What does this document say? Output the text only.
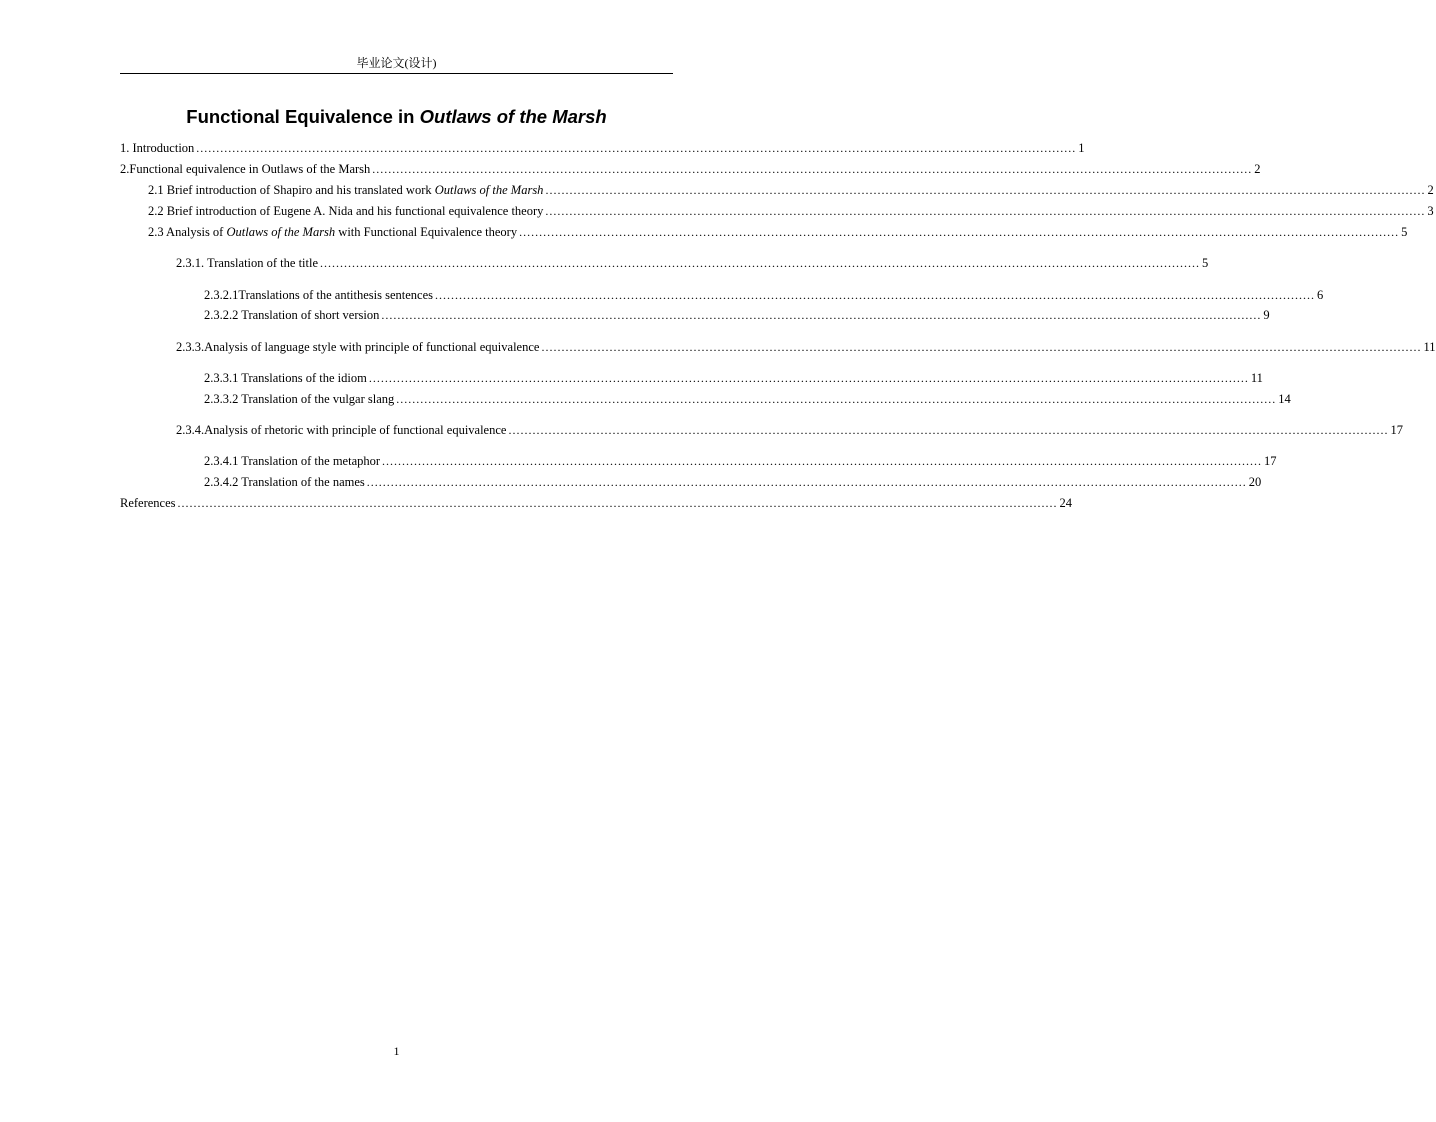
毕业论文(设计)
Functional Equivalence in Outlaws of the Marsh
1. Introduction ............................................................................................................................................................................................................................ 1
2.Functional equivalence in Outlaws of the Marsh ............................................................................................................................................................................................................................ 2
2.1 Brief introduction of Shapiro and his translated work Outlaws of the Marsh ............................................................................................................................................................................................................................ 2
2.2 Brief introduction of Eugene A. Nida and his functional equivalence theory ............................................................................................................................................................................................................................ 3
2.3 Analysis of Outlaws of the Marsh with Functional Equivalence theory ............................................................................................................................................................................................................................ 5
2.3.1. Translation of the title ............................................................................................................................................................................................................................ 5
2.3.2.1Translations of the antithesis sentences ............................................................................................................................................................................................................................ 6
2.3.2.2 Translation of short version ............................................................................................................................................................................................................................ 9
2.3.3.Analysis of language style with principle of functional equivalence ............................................................................................................................................................................................................................ 11
2.3.3.1 Translations of the idiom ............................................................................................................................................................................................................................ 11
2.3.3.2 Translation of the vulgar slang ............................................................................................................................................................................................................................ 14
2.3.4.Analysis of rhetoric with principle of functional equivalence ............................................................................................................................................................................................................................ 17
2.3.4.1 Translation of the metaphor ............................................................................................................................................................................................................................ 17
2.3.4.2 Translation of the names ............................................................................................................................................................................................................................ 20
References ............................................................................................................................................................................................................................ 24
1
